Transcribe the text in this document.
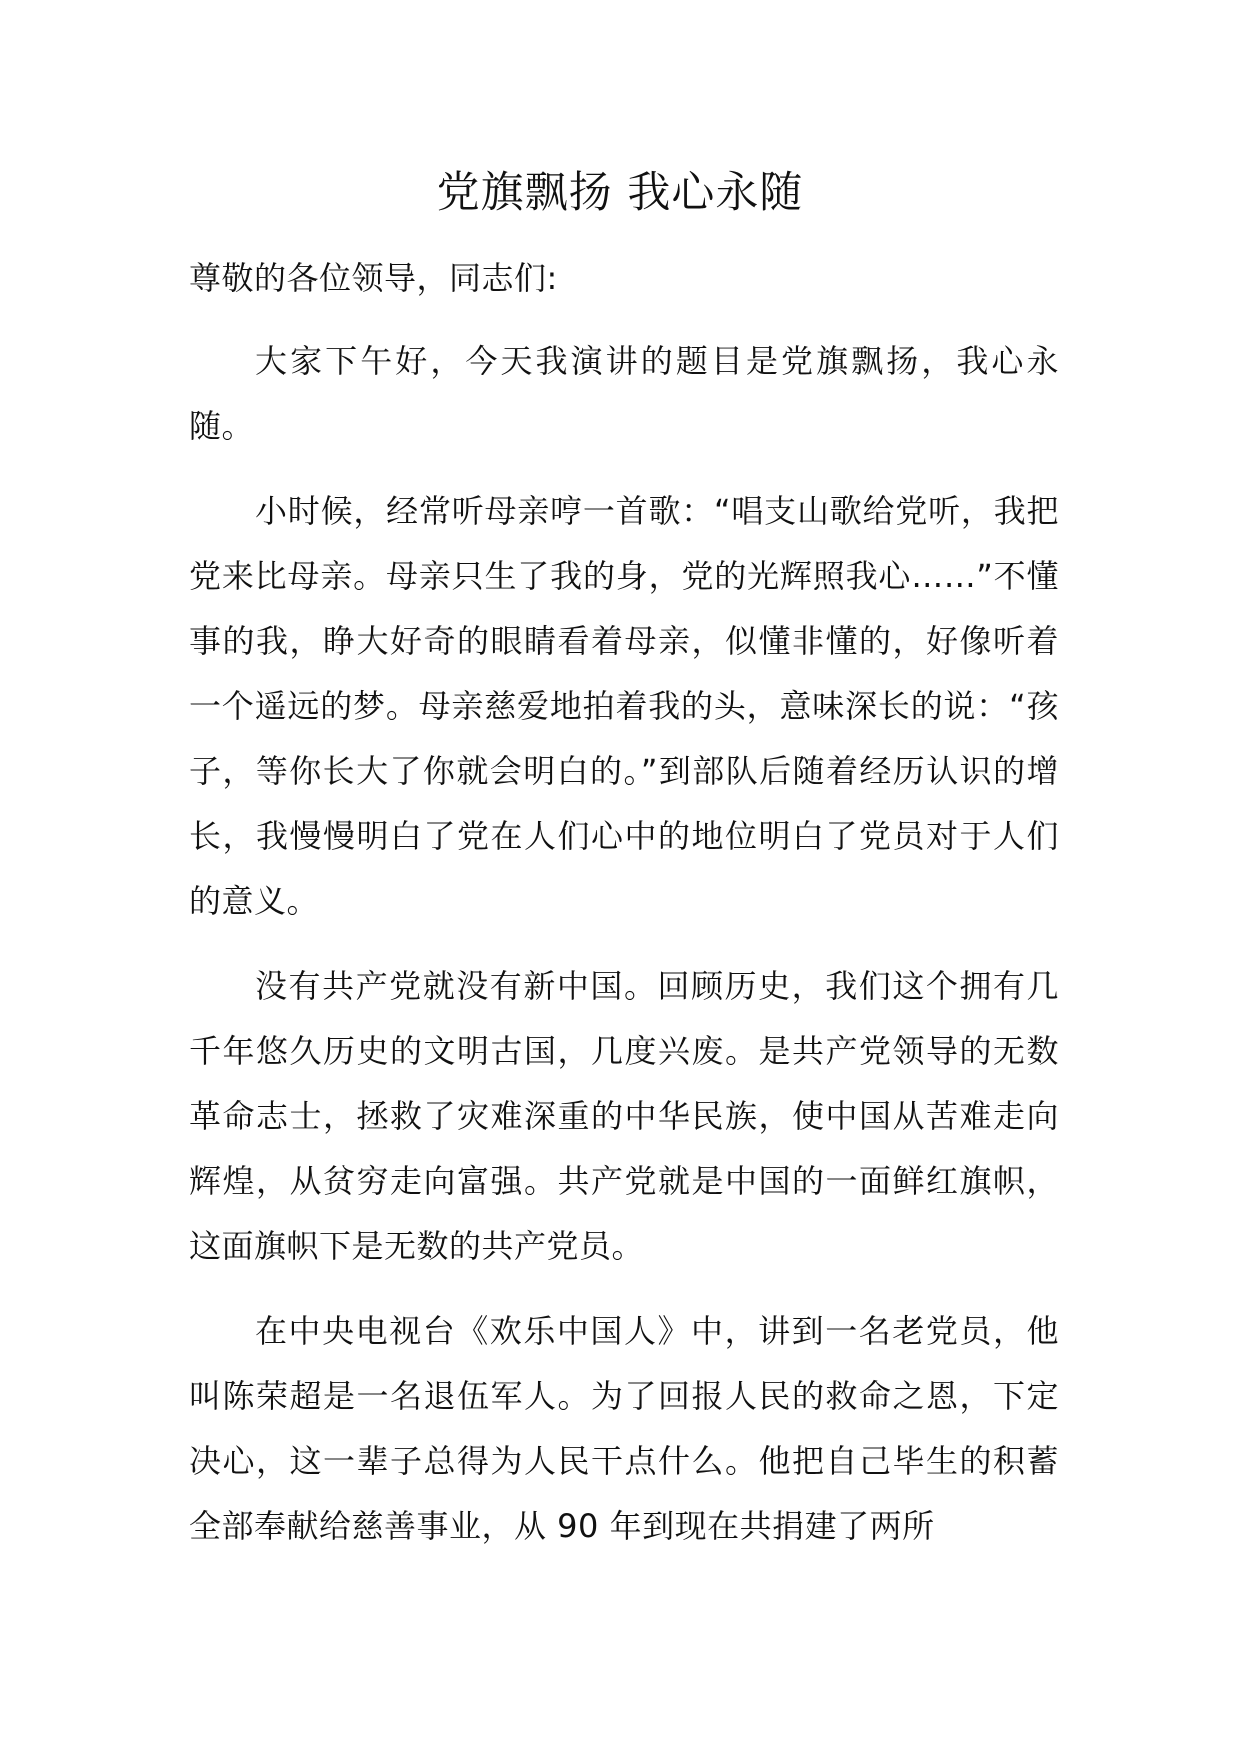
党旗飘扬 我心永随

尊敬的各位领导，同志们:

大家下午好，今天我演讲的题目是党旗飘扬，我心永随。

小时候，经常听母亲哼一首歌：“唱支山歌给党听，我把党来比母亲。母亲只生了我的身，党的光辉照我心……”不懂事的我，睁大好奇的眼睛看着母亲，似懂非懂的，好像听着一个遥远的梦。母亲慈爱地拍着我的头，意味深长的说：“孩子，等你长大了你就会明白的。”到部队后随着经历认识的增长，我慢慢明白了党在人们心中的地位明白了党员对于人们的意义。

没有共产党就没有新中国。回顾历史，我们这个拥有几千年悠久历史的文明古国，几度兴废。是共产党领导的无数革命志士，拯救了灾难深重的中华民族，使中国从苦难走向辉煌，从贫穷走向富强。共产党就是中国的一面鲜红旗帜，这面旗帜下是无数的共产党员。

在中央电视台《欢乐中国人》中，讲到一名老党员，他叫陈荣超是一名退伍军人。为了回报人民的救命之恩，下定决心，这一辈子总得为人民干点什么。他把自己毕生的积蓄全部奉献给慈善事业，从 90 年到现在共捐建了两所
